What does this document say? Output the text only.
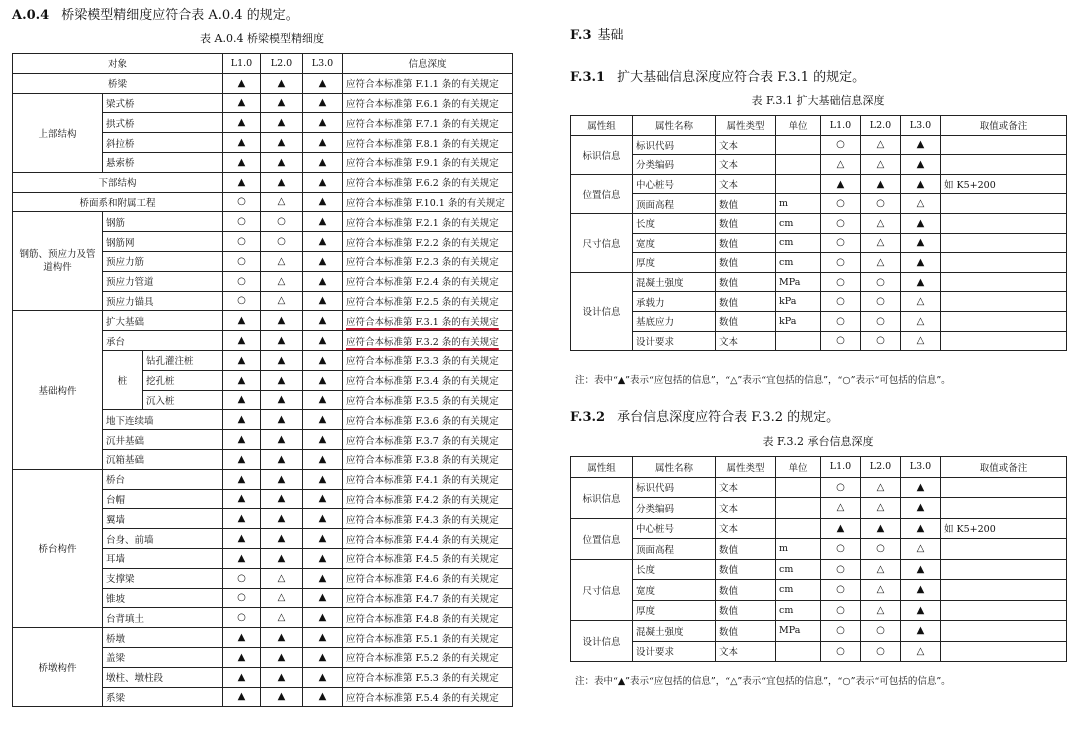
A.0.4 桥梁模型精细度应符合表 A.0.4 的规定。
表 A.0.4 桥梁模型精细度
对象			L1.0	L2.0	L3.0	信息深度
桥梁			▲	▲	▲	应符合本标准第 F.1.1 条的有关规定
上部结构	梁式桥		▲	▲	▲	应符合本标准第 F.6.1 条的有关规定
	拱式桥		▲	▲	▲	应符合本标准第 F.7.1 条的有关规定
	斜拉桥		▲	▲	▲	应符合本标准第 F.8.1 条的有关规定
	悬索桥		▲	▲	▲	应符合本标准第 F.9.1 条的有关规定
下部结构			▲	▲	▲	应符合本标准第 F.6.2 条的有关规定
桥面系和附属工程			○	△	▲	应符合本标准第 F.10.1 条的有关规定
钢筋、预应力及管道构件	钢筋		○	○	▲	应符合本标准第 F.2.1 条的有关规定
	钢筋网		○	○	▲	应符合本标准第 F.2.2 条的有关规定
	预应力筋		○	△	▲	应符合本标准第 F.2.3 条的有关规定
	预应力管道		○	△	▲	应符合本标准第 F.2.4 条的有关规定
	预应力锚具		○	△	▲	应符合本标准第 F.2.5 条的有关规定
基础构件	扩大基础		▲	▲	▲	应符合本标准第 F.3.1 条的有关规定
	承台		▲	▲	▲	应符合本标准第 F.3.2 条的有关规定
	桩	钻孔灌注桩	▲	▲	▲	应符合本标准第 F.3.3 条的有关规定
		挖孔桩	▲	▲	▲	应符合本标准第 F.3.4 条的有关规定
		沉入桩	▲	▲	▲	应符合本标准第 F.3.5 条的有关规定
	地下连续墙		▲	▲	▲	应符合本标准第 F.3.6 条的有关规定
	沉井基础		▲	▲	▲	应符合本标准第 F.3.7 条的有关规定
	沉箱基础		▲	▲	▲	应符合本标准第 F.3.8 条的有关规定
桥台构件	桥台		▲	▲	▲	应符合本标准第 F.4.1 条的有关规定
	台帽		▲	▲	▲	应符合本标准第 F.4.2 条的有关规定
	翼墙		▲	▲	▲	应符合本标准第 F.4.3 条的有关规定
	台身、前墙		▲	▲	▲	应符合本标准第 F.4.4 条的有关规定
	耳墙		▲	▲	▲	应符合本标准第 F.4.5 条的有关规定
	支撑梁		○	△	▲	应符合本标准第 F.4.6 条的有关规定
	锥坡		○	△	▲	应符合本标准第 F.4.7 条的有关规定
	台背填土		○	△	▲	应符合本标准第 F.4.8 条的有关规定
桥墩构件	桥墩		▲	▲	▲	应符合本标准第 F.5.1 条的有关规定
	盖梁		▲	▲	▲	应符合本标准第 F.5.2 条的有关规定
	墩柱、墩柱段		▲	▲	▲	应符合本标准第 F.5.3 条的有关规定
	系梁		▲	▲	▲	应符合本标准第 F.5.4 条的有关规定
F.3 基础
F.3.1 扩大基础信息深度应符合表 F.3.1 的规定。
表 F.3.1 扩大基础信息深度
属性组	属性名称	属性类型	单位	L1.0	L2.0	L3.0	取值或备注
标识信息	标识代码	文本		○	△	▲	
	分类编码	文本		△	△	▲	
位置信息	中心桩号	文本		▲	▲	▲	如 K5+200
	顶面高程	数值	m	○	○	△	
尺寸信息	长度	数值	cm	○	△	▲	
	宽度	数值	cm	○	△	▲	
	厚度	数值	cm	○	△	▲	
设计信息	混凝土强度	数值	MPa	○	○	▲	
	承载力	数值	kPa	○	○	△	
	基底应力	数值	kPa	○	○	△	
	设计要求	文本		○	○	△	
注：表中“▲”表示“应包括的信息”，“△”表示“宜包括的信息”，“○”表示“可包括的信息”。
F.3.2 承台信息深度应符合表 F.3.2 的规定。
表 F.3.2 承台信息深度
属性组	属性名称	属性类型	单位	L1.0	L2.0	L3.0	取值或备注
标识信息	标识代码	文本		○	△	▲	
	分类编码	文本		△	△	▲	
位置信息	中心桩号	文本		▲	▲	▲	如 K5+200
	顶面高程	数值	m	○	○	△	
尺寸信息	长度	数值	cm	○	△	▲	
	宽度	数值	cm	○	△	▲	
	厚度	数值	cm	○	△	▲	
设计信息	混凝土强度	数值	MPa	○	○	▲	
	设计要求	文本		○	○	△	
注：表中“▲”表示“应包括的信息”，“△”表示“宜包括的信息”，“○”表示“可包括的信息”。
